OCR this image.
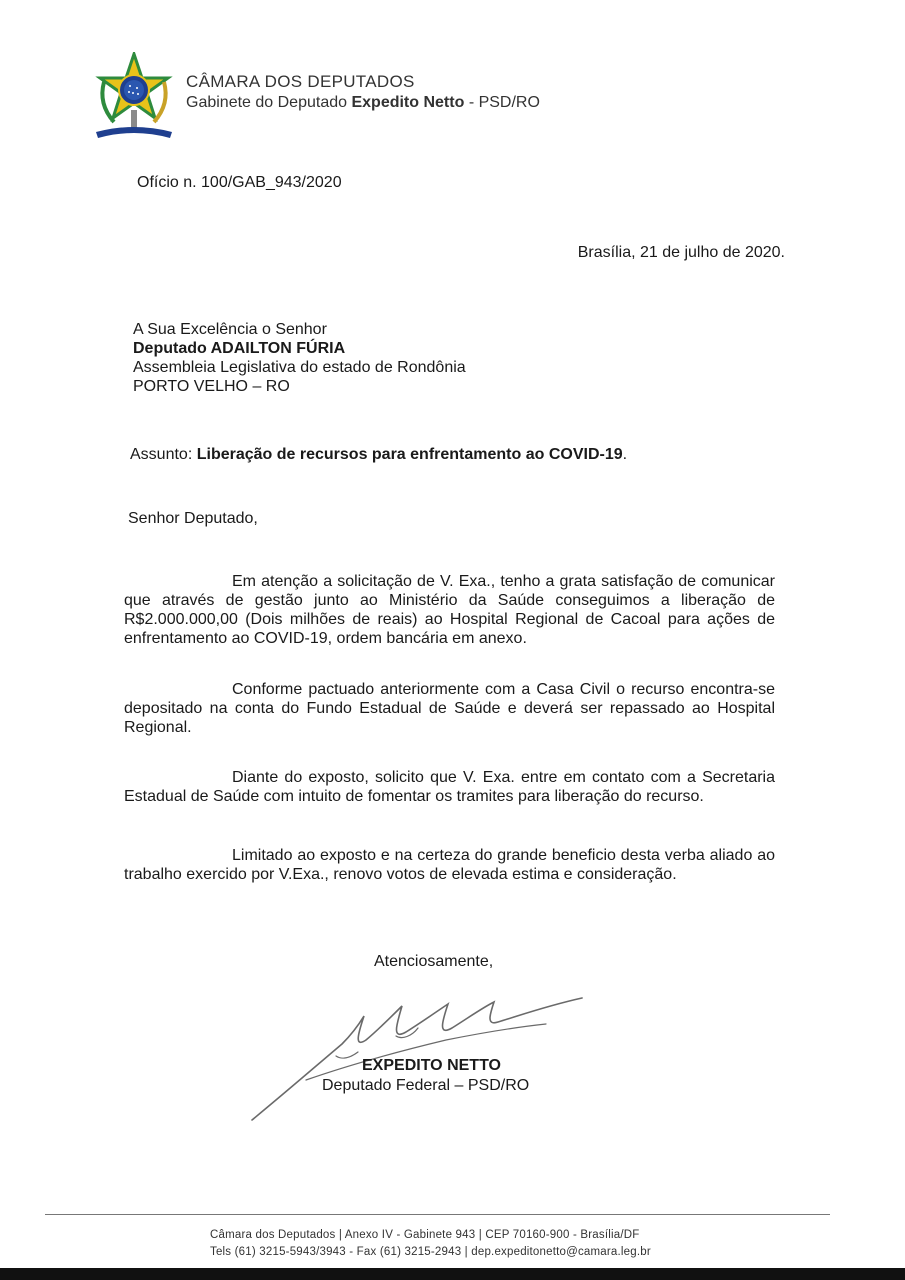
CÂMARA DOS DEPUTADOS
Gabinete do Deputado Expedito Netto - PSD/RO
Ofício n. 100/GAB_943/2020
Brasília, 21 de julho de 2020.
A Sua Excelência o Senhor
Deputado ADAILTON FÚRIA
Assembleia Legislativa do estado de Rondônia
PORTO VELHO – RO
Assunto: Liberação de recursos para enfrentamento ao COVID-19.
Senhor Deputado,

Em atenção a solicitação de V. Exa., tenho a grata satisfação de comunicar que através de gestão junto ao Ministério da Saúde conseguimos a liberação de R$2.000.000,00 (Dois milhões de reais) ao Hospital Regional de Cacoal para ações de enfrentamento ao COVID-19, ordem bancária em anexo.

Conforme pactuado anteriormente com a Casa Civil o recurso encontra-se depositado na conta do Fundo Estadual de Saúde e deverá ser repassado ao Hospital Regional.

Diante do exposto, solicito que V. Exa. entre em contato com a Secretaria Estadual de Saúde com intuito de fomentar os tramites para liberação do recurso.

Limitado ao exposto e na certeza do grande beneficio desta verba aliado ao trabalho exercido por V.Exa., renovo votos de elevada estima e consideração.

Atenciosamente,
EXPEDITO NETTO
Deputado Federal – PSD/RO
Câmara dos Deputados | Anexo IV - Gabinete 943 | CEP 70160-900 - Brasília/DF
Tels (61) 3215-5943/3943 - Fax (61) 3215-2943 | dep.expeditonetto@camara.leg.br
